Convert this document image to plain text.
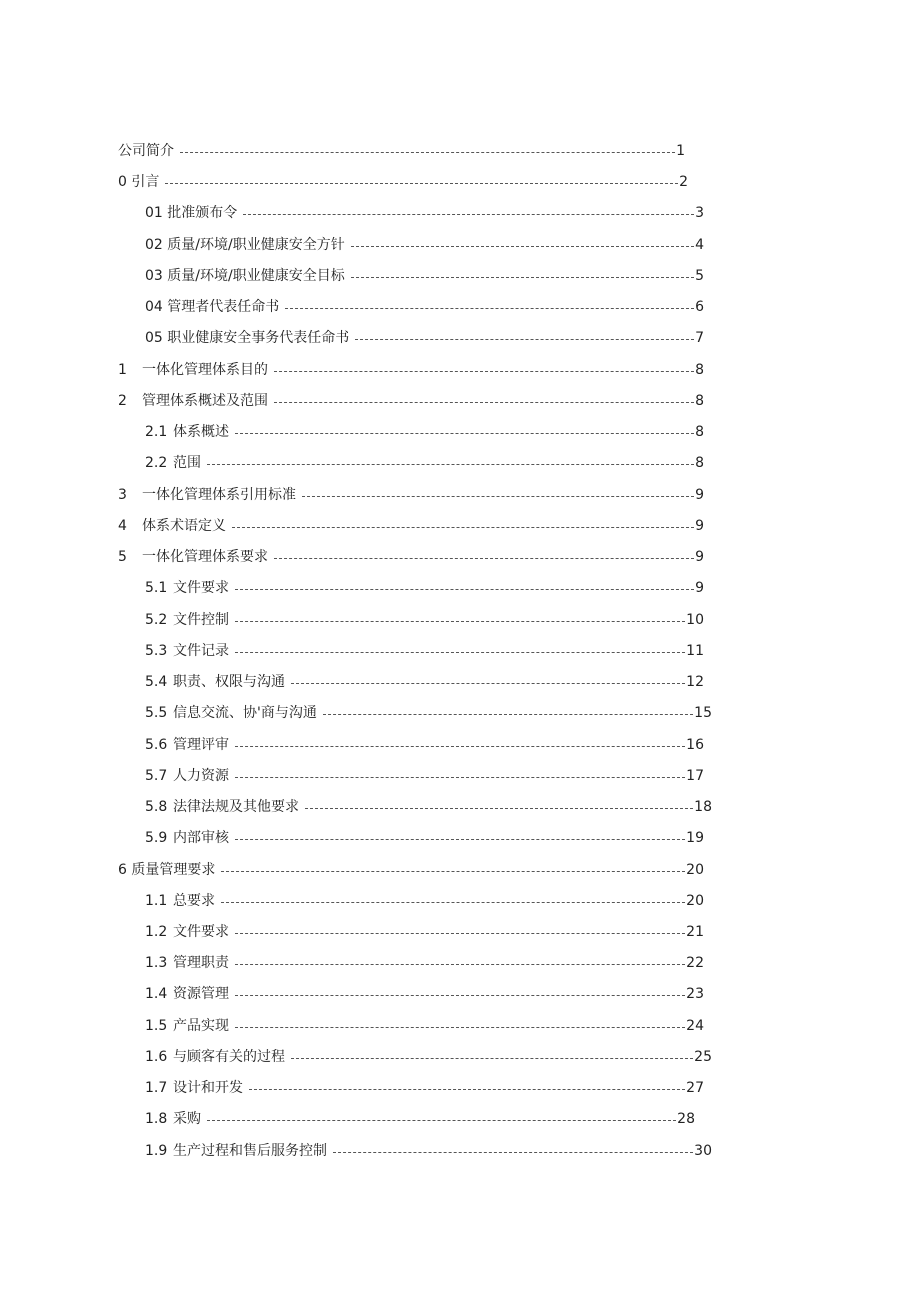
公司简介	1
0 引言	2
01 批准颁布令	3
02 质量/环境/职业健康安全方针	4
03 质量/环境/职业健康安全目标	5
04 管理者代表任命书	6
05 职业健康安全事务代表任命书	7
1	一体化管理体系目的	8
2	管理体系概述及范围	8
2.1 体系概述	8
2.2 范围	8
3	一体化管理体系引用标准	9
4	体系术语定义	9
5	一体化管理体系要求	9
5.1 文件要求	9
5.2 文件控制	10
5.3 文件记录	11
5.4 职责、权限与沟通	12
5.5 信息交流、协'商与沟通	15
5.6 管理评审	16
5.7 人力资源	17
5.8 法律法规及其他要求	18
5.9 内部审核	19
6 质量管理要求	20
1.1 总要求	20
1.2 文件要求	21
1.3 管理职责	22
1.4 资源管理	23
1.5 产品实现	24
1.6 与顾客有关的过程	25
1.7 设计和开发	27
1.8 采购	28
1.9 生产过程和售后服务控制	30
